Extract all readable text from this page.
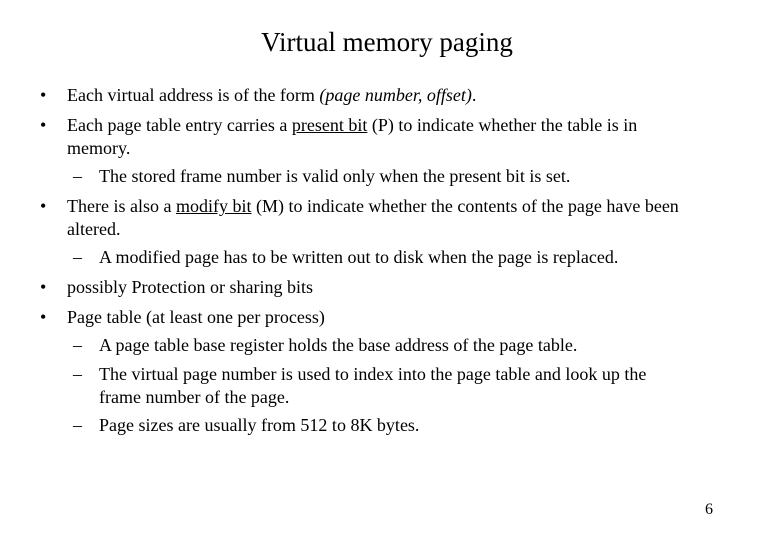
Virtual memory paging
• Each virtual address is of the form (page number, offset).
• Each page table entry carries a present bit (P) to indicate whether the table is in
memory.
– The stored frame number is valid only when the present bit is set.
• There is also a modify bit (M) to indicate whether the contents of the page have been
altered.
– A modified page has to be written out to disk when the page is replaced.
• possibly Protection or sharing bits
• Page table (at least one per process)
– A page table base register holds the base address of the page table.
– The virtual page number is used to index into the page table and look up the
frame number of the page.
– Page sizes are usually from 512 to 8K bytes.
6
